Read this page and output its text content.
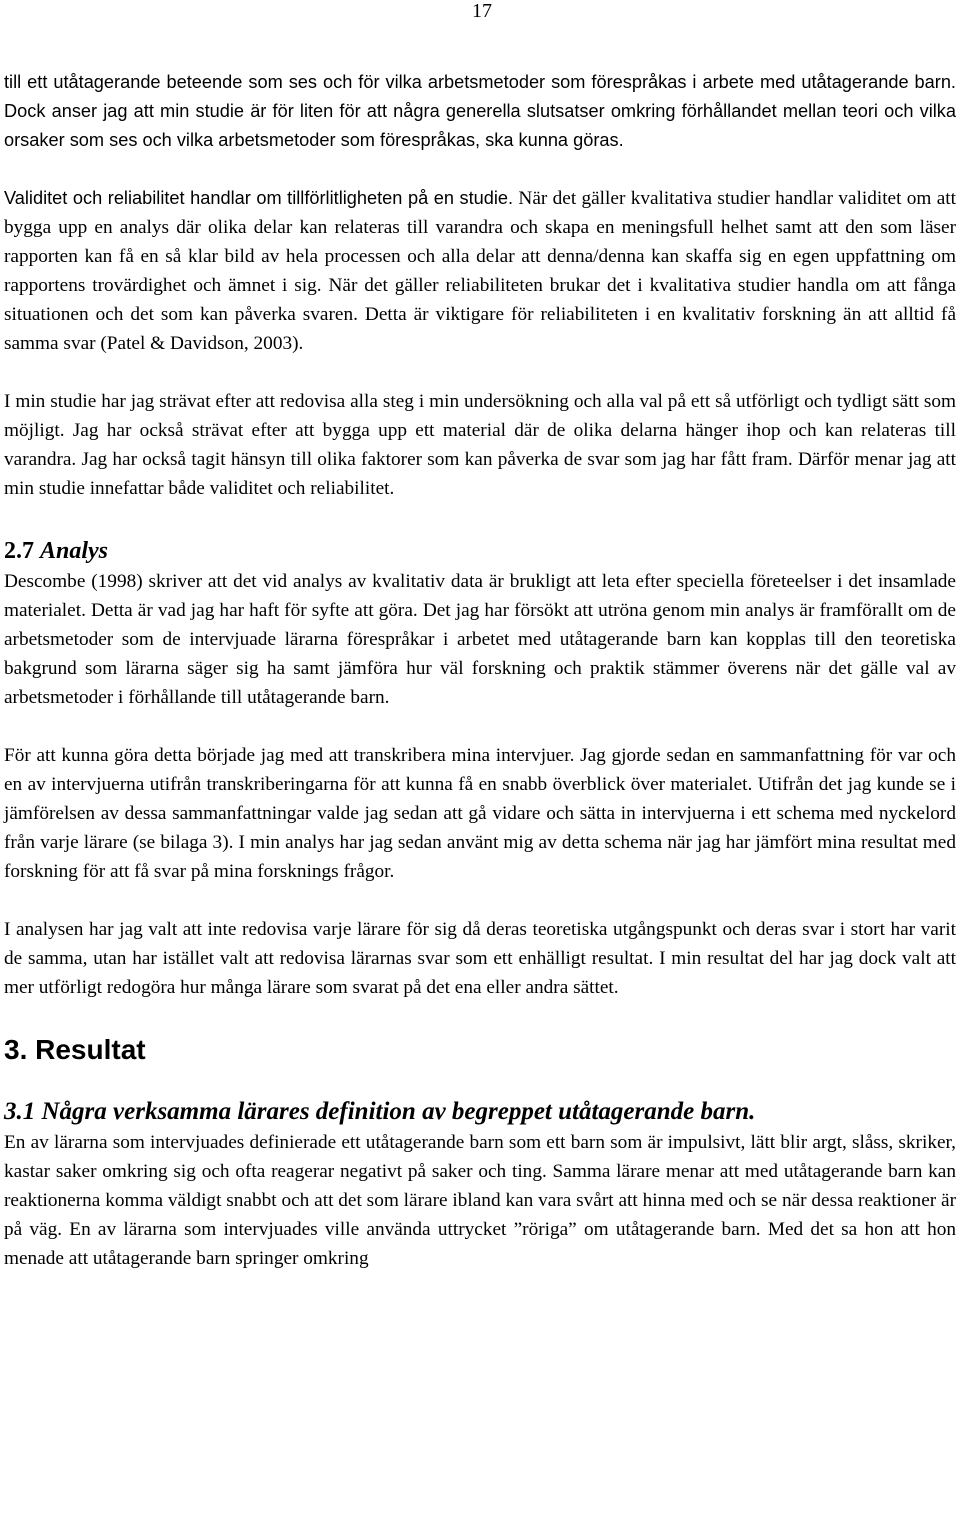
17

till ett utåtagerande beteende som ses och för vilka arbetsmetoder som förespråkas i arbete med utåtagerande barn. Dock anser jag att min studie är för liten för att några generella slutsatser omkring förhållandet mellan teori och vilka orsaker som ses och vilka arbetsmetoder som förespråkas, ska kunna göras.

Validitet och reliabilitet handlar om tillförlitligheten på en studie. När det gäller kvalitativa studier handlar validitet om att bygga upp en analys där olika delar kan relateras till varandra och skapa en meningsfull helhet samt att den som läser rapporten kan få en så klar bild av hela processen och alla delar att denna/denna kan skaffa sig en egen uppfattning om rapportens trovärdighet och ämnet i sig. När det gäller reliabiliteten brukar det i kvalitativa studier handla om att fånga situationen och det som kan påverka svaren. Detta är viktigare för reliabiliteten i en kvalitativ forskning än att alltid få samma svar (Patel & Davidson, 2003).

I min studie har jag strävat efter att redovisa alla steg i min undersökning och alla val på ett så utförligt och tydligt sätt som möjligt. Jag har också strävat efter att bygga upp ett material där de olika delarna hänger ihop och kan relateras till varandra. Jag har också tagit hänsyn till olika faktorer som kan påverka de svar som jag har fått fram. Därför menar jag att min studie innefattar både validitet och reliabilitet.

2.7 Analys

Descombe (1998) skriver att det vid analys av kvalitativ data är brukligt att leta efter speciella företeelser i det insamlade materialet. Detta är vad jag har haft för syfte att göra. Det jag har försökt att utröna genom min analys är framförallt om de arbetsmetoder som de intervjuade lärarna förespråkar i arbetet med utåtagerande barn kan kopplas till den teoretiska bakgrund som lärarna säger sig ha samt jämföra hur väl forskning och praktik stämmer överens när det gälle val av arbetsmetoder i förhållande till utåtagerande barn.

För att kunna göra detta började jag med att transkribera mina intervjuer. Jag gjorde sedan en sammanfattning för var och en av intervjuerna utifrån transkriberingarna för att kunna få en snabb överblick över materialet. Utifrån det jag kunde se i jämförelsen av dessa sammanfattningar valde jag sedan att gå vidare och sätta in intervjuerna i ett schema med nyckelord från varje lärare (se bilaga 3). I min analys har jag sedan använt mig av detta schema när jag har jämfört mina resultat med forskning för att få svar på mina forsknings frågor.

I analysen har jag valt att inte redovisa varje lärare för sig då deras teoretiska utgångspunkt och deras svar i stort har varit de samma, utan har istället valt att redovisa lärarnas svar som ett enhälligt resultat. I min resultat del har jag dock valt att mer utförligt redogöra hur många lärare som svarat på det ena eller andra sättet.

3. Resultat
3.1 Några verksamma lärares definition av begreppet utåtagerande barn.

En av lärarna som intervjuades definierade ett utåtagerande barn som ett barn som är impulsivt, lätt blir argt, slåss, skriker, kastar saker omkring sig och ofta reagerar negativt på saker och ting. Samma lärare menar att med utåtagerande barn kan reaktionerna komma väldigt snabbt och att det som lärare ibland kan vara svårt att hinna med och se när dessa reaktioner är på väg. En av lärarna som intervjuades ville använda uttrycket ”röriga” om utåtagerande barn. Med det sa hon att hon menade att utåtagerande barn springer omkring
